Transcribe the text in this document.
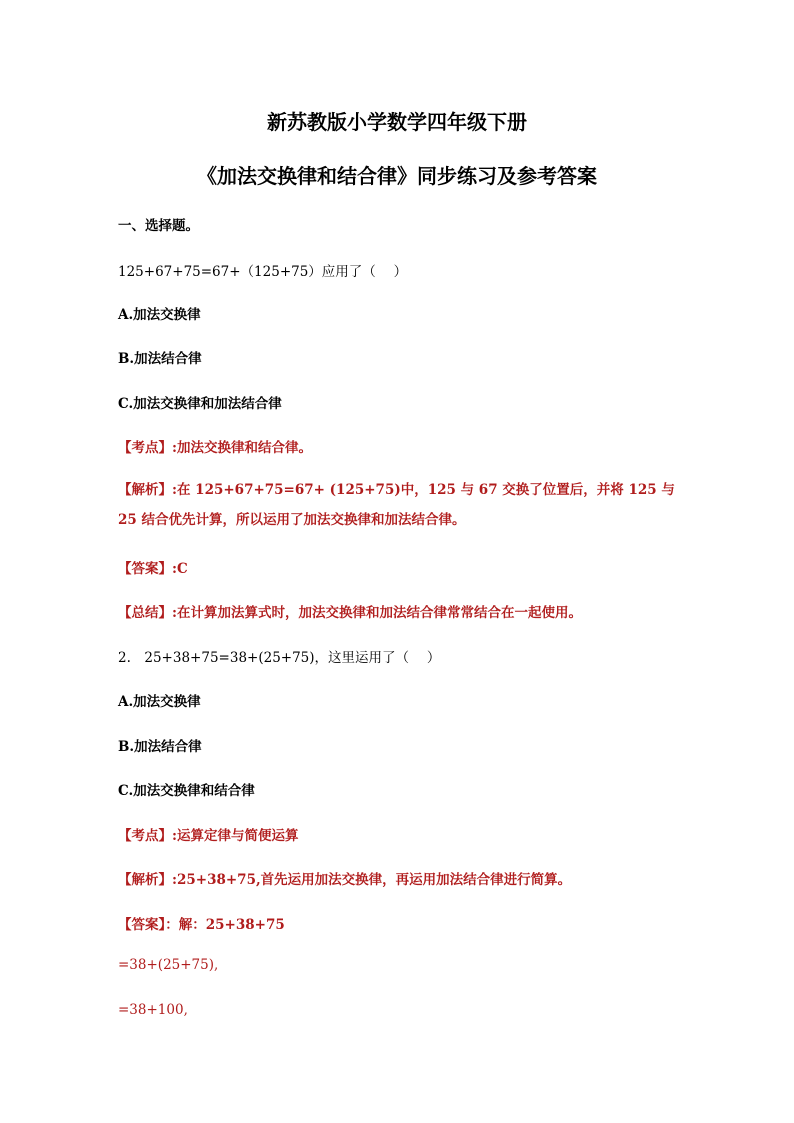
新苏教版小学数学四年级下册
《加法交换律和结合律》同步练习及参考答案
一、选择题。
125+67+75=67+（125+75）应用了（　 ）
A.加法交换律
B.加法结合律
C.加法交换律和加法结合律
【考点】:加法交换律和结合律。
【解析】:在 125+67+75=67+ (125+75)中，125 与 67 交换了位置后，并将 125 与 25 结合优先计算，所以运用了加法交换律和加法结合律。
【答案】:C
【总结】:在计算加法算式时，加法交换律和加法结合律常常结合在一起使用。
2.　25+38+75=38+(25+75)，这里运用了（　 ）
A.加法交换律
B.加法结合律
C.加法交换律和结合律
【考点】:运算定律与简便运算
【解析】:25+38+75,首先运用加法交换律，再运用加法结合律进行简算。
【答案】：解：25+38+75
=38+(25+75),
=38+100,
